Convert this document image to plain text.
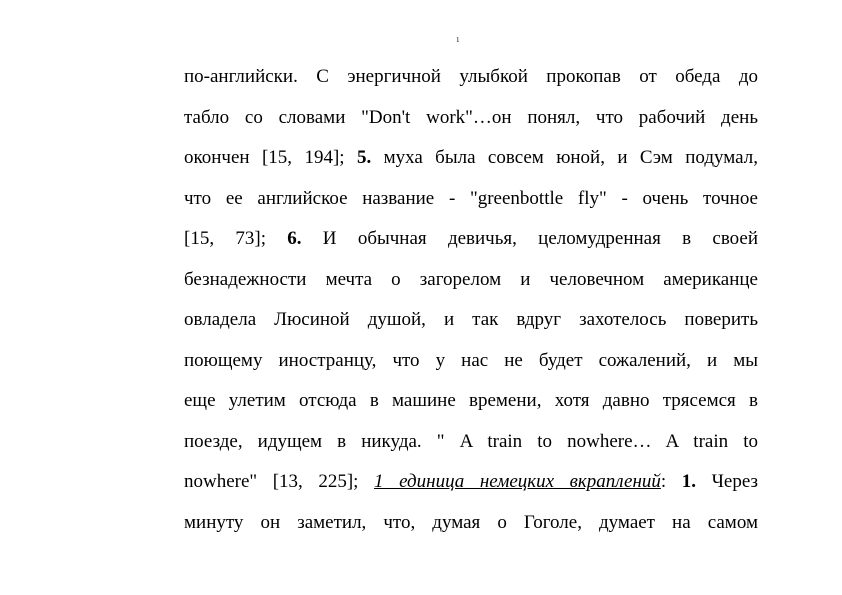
1
по-английски. С энергичной улыбкой прокопав от обеда до
табло со словами "Don't work"…он понял, что рабочий день
окончен [15, 194]; 5. муха была совсем юной, и Сэм подумал,
что ее английское название - "greenbottle fly" - очень точное
[15, 73]; 6. И обычная девичья, целомудренная в своей
безнадежности мечта о загорелом и человечном американце
овладела Люсиной душой, и так вдруг захотелось поверить
поющему иностранцу, что у нас не будет сожалений, и мы
еще улетим отсюда в машине времени, хотя давно трясемся в
поезде, идущем в никуда. " A train to nowhere… A train to
nowhere" [13, 225]; 1 единица немецких вкраплений: 1. Через
минуту он заметил, что, думая о Гоголе, думает на самом
